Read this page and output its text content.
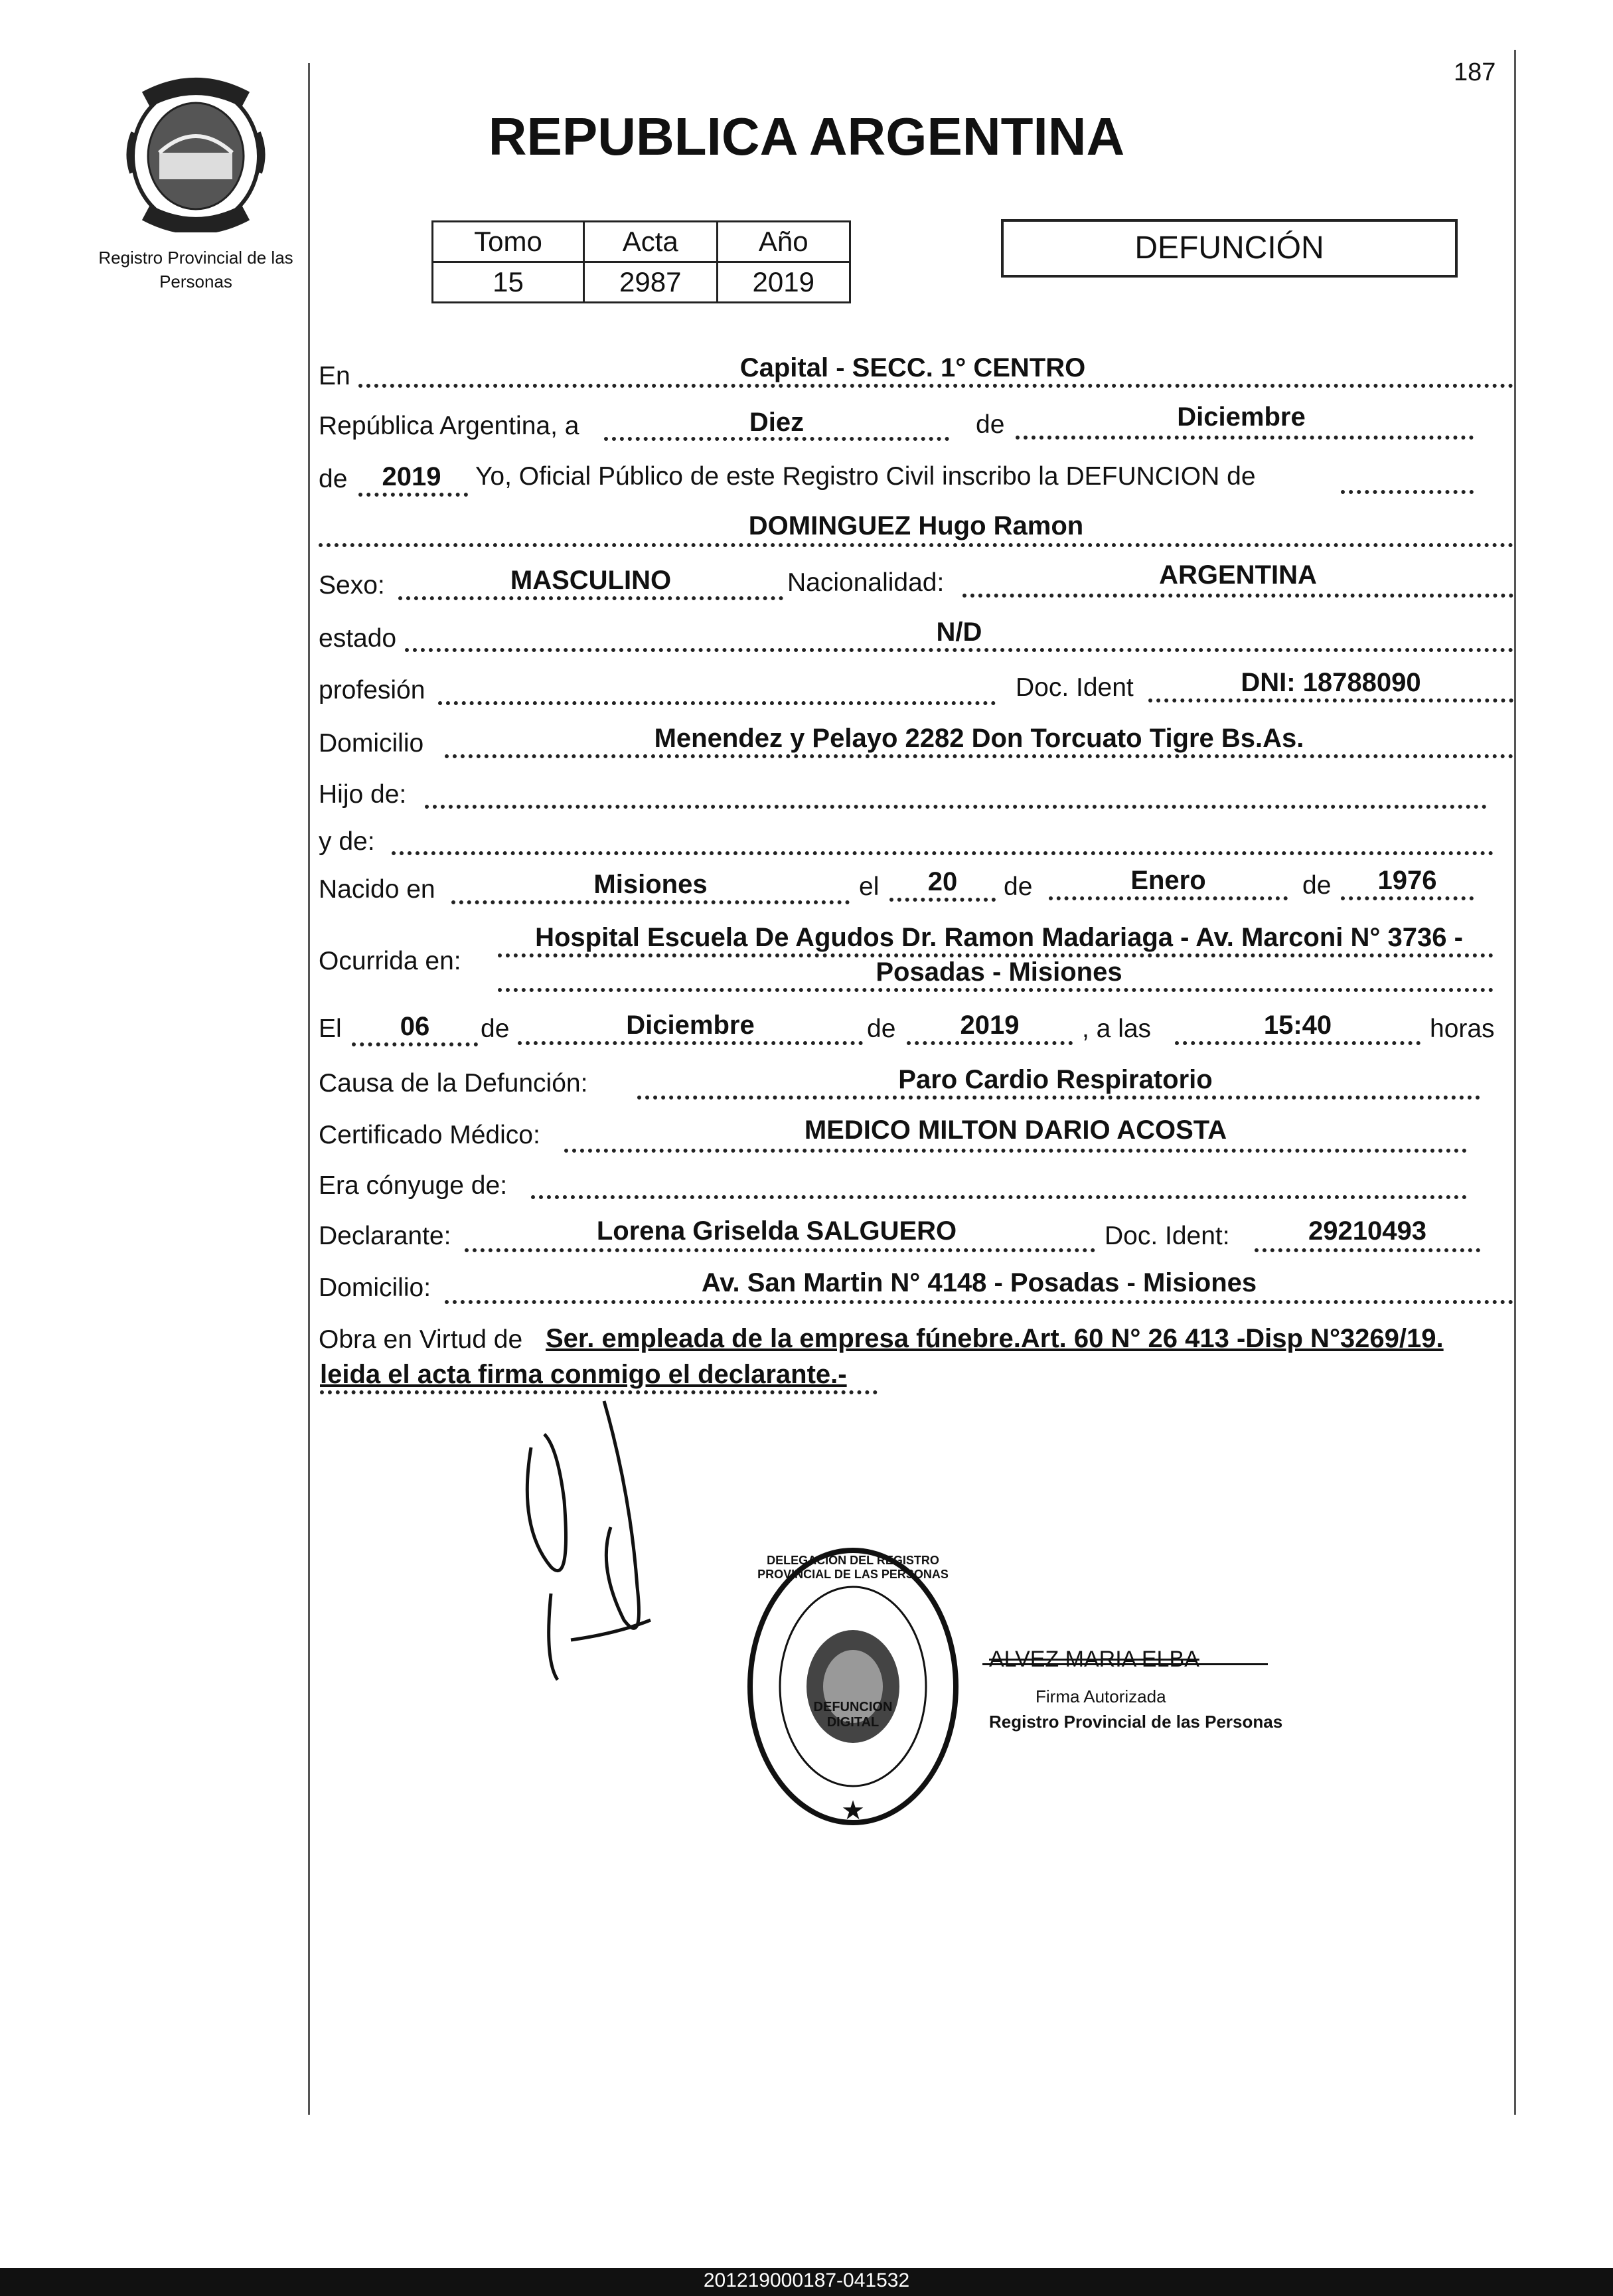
187
Registro Provincial de las Personas
REPUBLICA ARGENTINA
Tomo	Acta	Año
15	2987	2019
DEFUNCIÓN
En	Capital - SECC. 1° CENTRO
República Argentina, a	Diez	de	Diciembre
de	2019	Yo, Oficial Público de este Registro Civil inscribo la DEFUNCION de
DOMINGUEZ Hugo Ramon
Sexo:	MASCULINO	Nacionalidad:	ARGENTINA
estado	N/D
profesión	Doc. Ident	DNI: 18788090
Domicilio	Menendez y Pelayo 2282 Don Torcuato Tigre Bs.As.
Hijo de:
y de:
Nacido en	Misiones	el	20	de	Enero	de	1976
Ocurrida en:
Hospital Escuela De Agudos Dr. Ramon Madariaga - Av. Marconi N° 3736 -
Posadas - Misiones
El	06	de	Diciembre	de	2019	, a las	15:40	horas
Causa de la Defunción:	Paro Cardio Respiratorio
Certificado Médico:	MEDICO MILTON DARIO ACOSTA
Era cónyuge de:
Declarante:	Lorena Griselda SALGUERO	Doc. Ident:	29210493
Domicilio:	Av. San Martin N° 4148 - Posadas - Misiones
Obra en Virtud de Ser. empleada de la empresa fúnebre.Art. 60 N° 26 413 -Disp N°3269/19.
leida el acta firma conmigo el declarante.-
★
DELEGACION DEL REGISTRO PROVINCIAL DE LAS PERSONAS
DEFUNCION DIGITAL
ALVEZ MARIA ELBA
Firma Autorizada
Registro Provincial de las Personas
201219000187-041532
